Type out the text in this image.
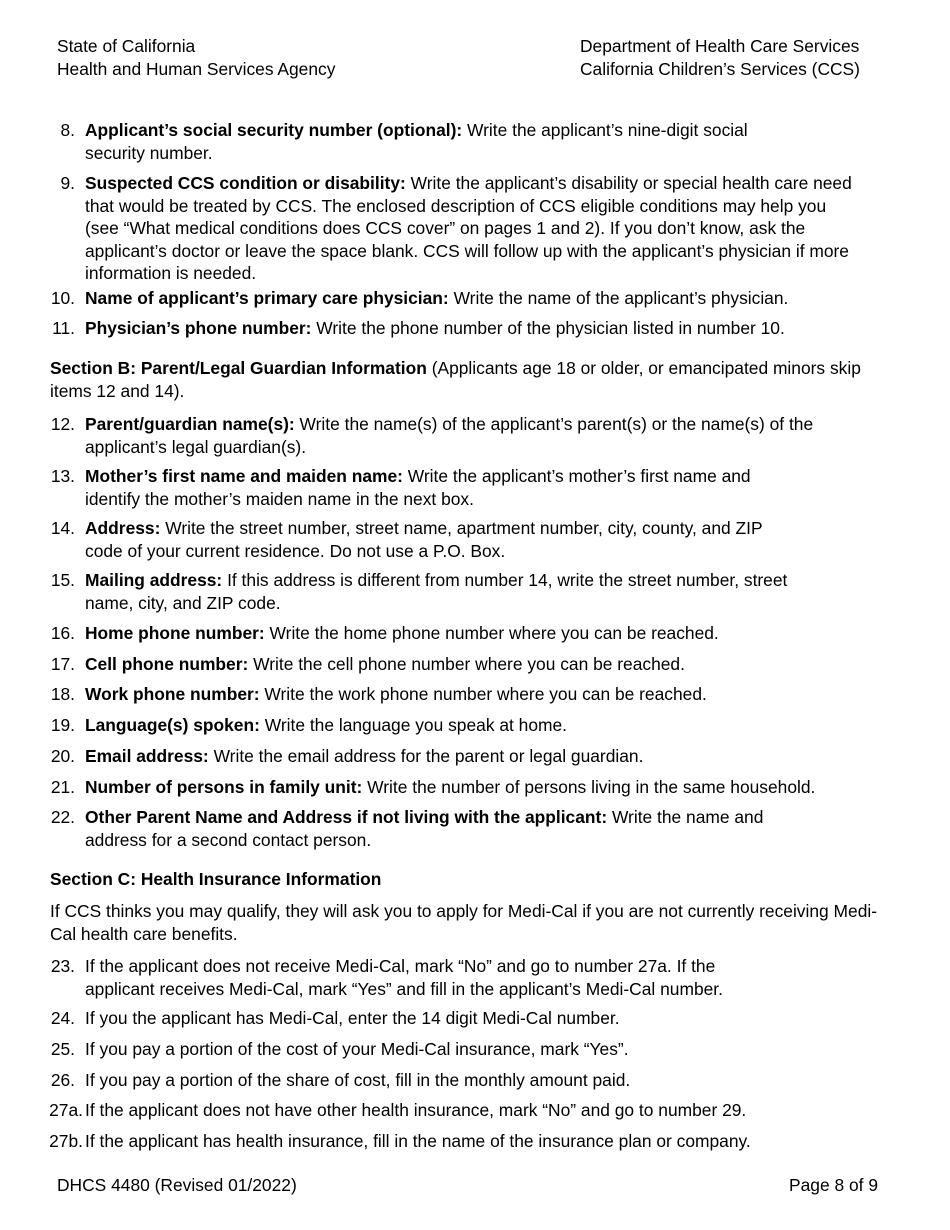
State of California
Health and Human Services Agency
Department of Health Care Services
California Children’s Services (CCS)
8. Applicant’s social security number (optional): Write the applicant’s nine-digit social security number.
9. Suspected CCS condition or disability: Write the applicant’s disability or special health care need that would be treated by CCS. The enclosed description of CCS eligible conditions may help you (see “What medical conditions does CCS cover” on pages 1 and 2). If you don’t know, ask the applicant’s doctor or leave the space blank. CCS will follow up with the applicant’s physician if more information is needed.
10. Name of applicant’s primary care physician: Write the name of the applicant’s physician.
11. Physician’s phone number: Write the phone number of the physician listed in number 10.
Section B: Parent/Legal Guardian Information (Applicants age 18 or older, or emancipated minors skip items 12 and 14).
12. Parent/guardian name(s): Write the name(s) of the applicant’s parent(s) or the name(s) of the applicant’s legal guardian(s).
13. Mother’s first name and maiden name: Write the applicant’s mother’s first name and identify the mother’s maiden name in the next box.
14. Address: Write the street number, street name, apartment number, city, county, and ZIP code of your current residence. Do not use a P.O. Box.
15. Mailing address: If this address is different from number 14, write the street number, street name, city, and ZIP code.
16. Home phone number: Write the home phone number where you can be reached.
17. Cell phone number: Write the cell phone number where you can be reached.
18. Work phone number: Write the work phone number where you can be reached.
19. Language(s) spoken: Write the language you speak at home.
20. Email address: Write the email address for the parent or legal guardian.
21. Number of persons in family unit: Write the number of persons living in the same household.
22. Other Parent Name and Address if not living with the applicant: Write the name and address for a second contact person.
Section C: Health Insurance Information
If CCS thinks you may qualify, they will ask you to apply for Medi-Cal if you are not currently receiving Medi-Cal health care benefits.
23. If the applicant does not receive Medi-Cal, mark “No” and go to number 27a. If the applicant receives Medi-Cal, mark “Yes” and fill in the applicant’s Medi-Cal number.
24. If you the applicant has Medi-Cal, enter the 14 digit Medi-Cal number.
25. If you pay a portion of the cost of your Medi-Cal insurance, mark “Yes”.
26. If you pay a portion of the share of cost, fill in the monthly amount paid.
27a. If the applicant does not have other health insurance, mark “No” and go to number 29.
27b. If the applicant has health insurance, fill in the name of the insurance plan or company.
DHCS 4480 (Revised 01/2022)	Page 8 of 9
